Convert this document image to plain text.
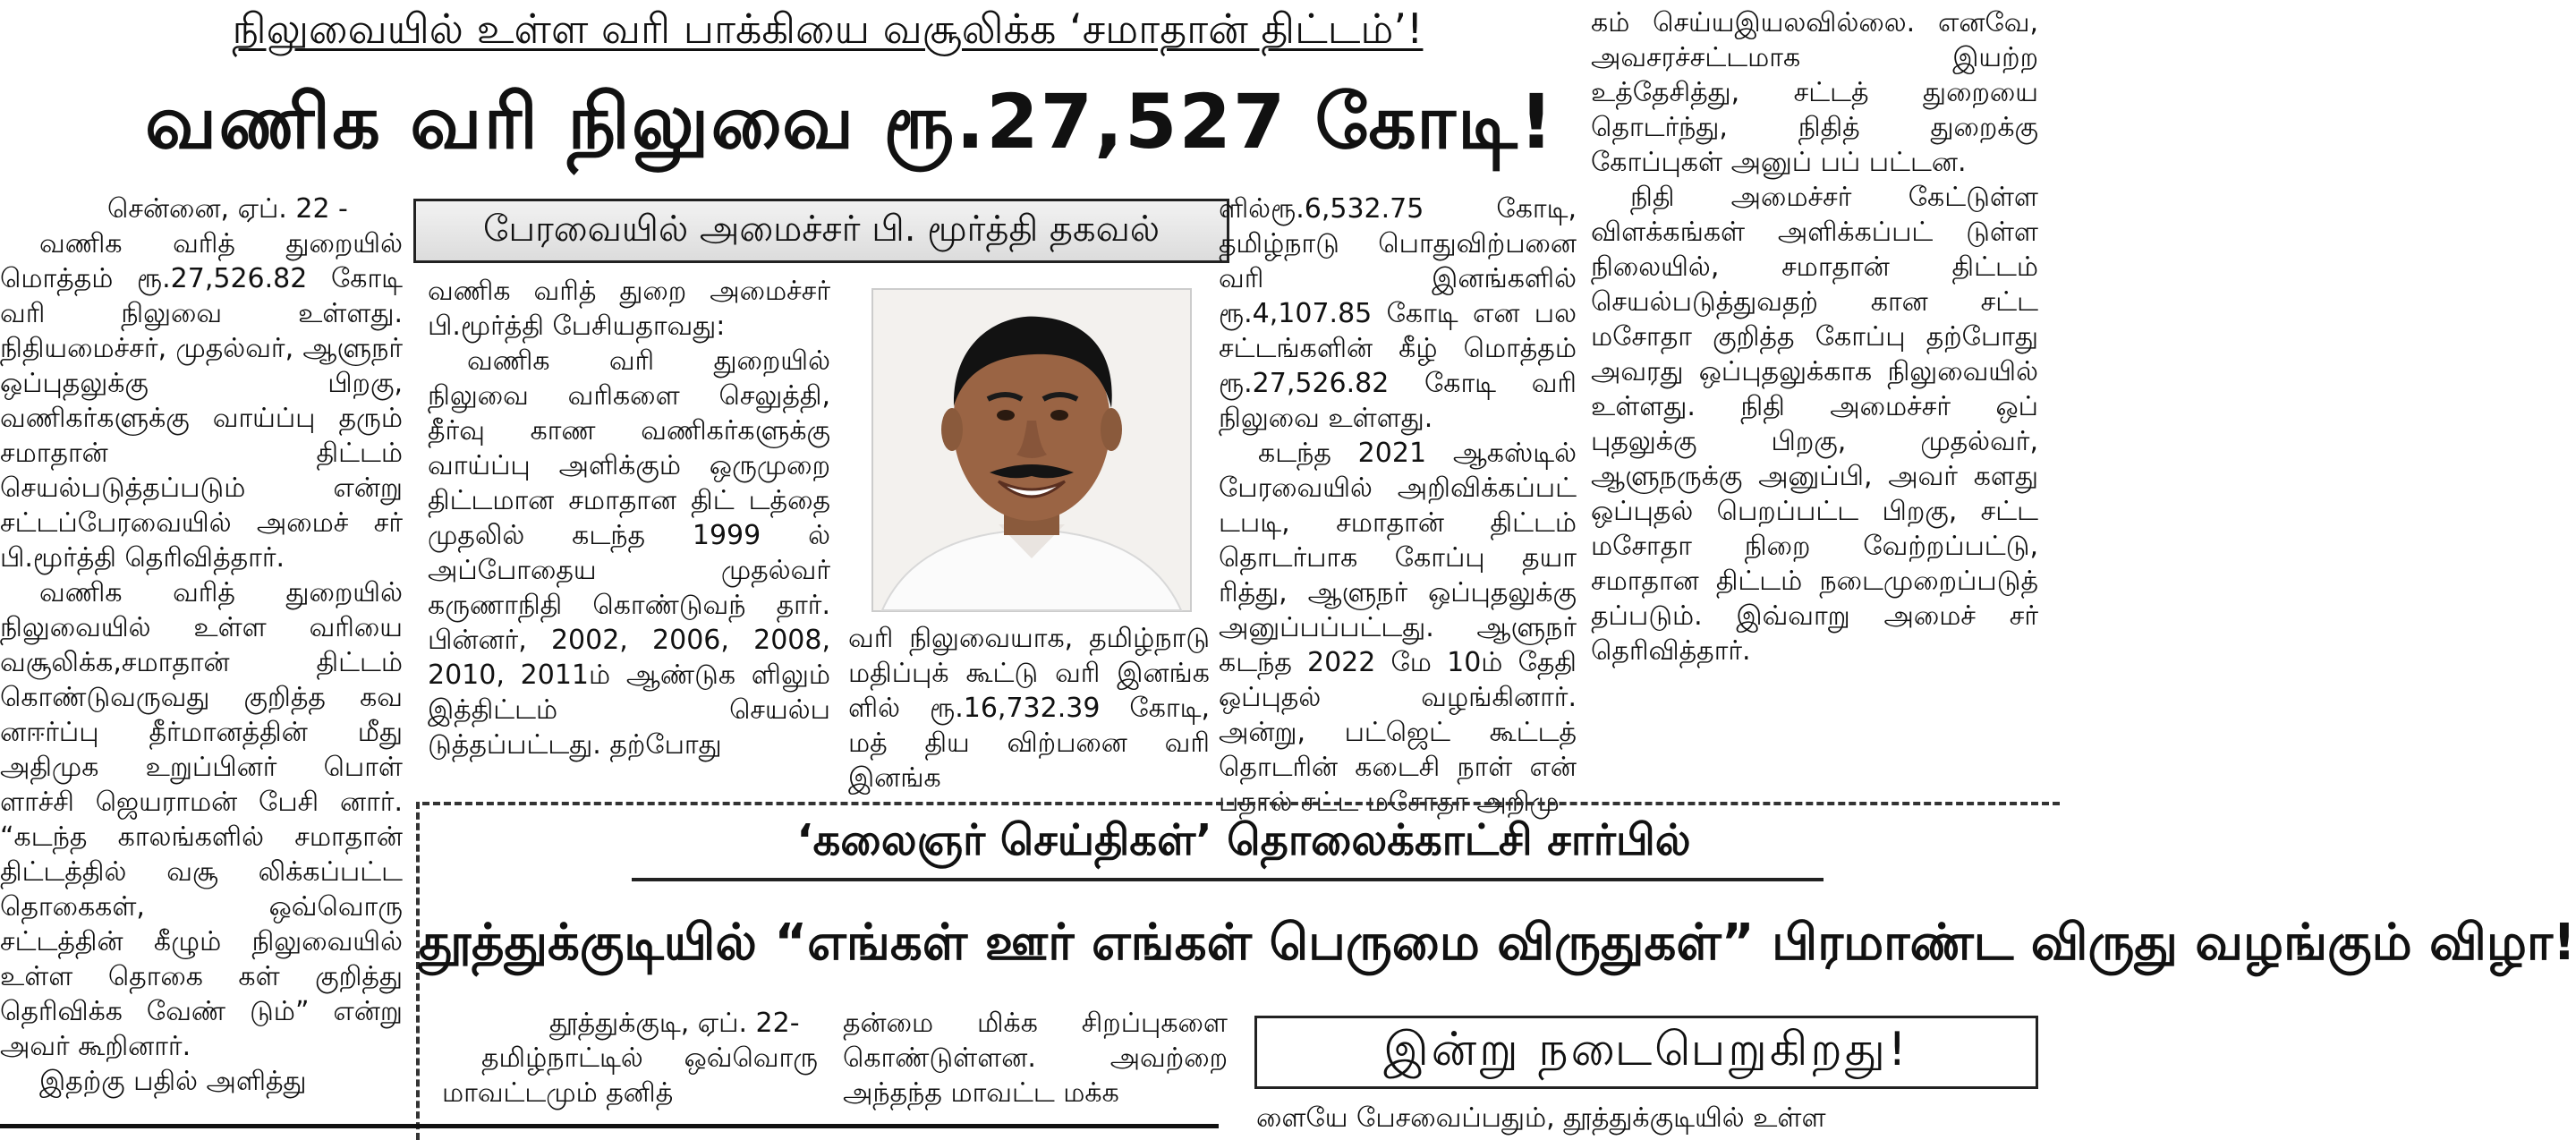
நிலுவையில் உள்ள வரி பாக்கியை வசூலிக்க ‘சமாதான் திட்டம்’!
வணிக வரி நிலுவை ரூ.27,527 கோடி!

சென்னை, ஏப். 22 -

வணிக வரித் துறையில் மொத்தம் ரூ.27,526.82 கோடி வரி நிலுவை உள்ளது. நிதியமைச்சர், முதல்வர், ஆளுநர் ஒப்புதலுக்கு பிறகு, வணிகர்களுக்கு வாய்ப்பு தரும் சமாதான் திட்டம் செயல்படுத்தப்படும் என்று சட்டப்பேரவையில் அமைச் சர் பி.மூர்த்தி தெரிவித்தார்.

வணிக வரித் துறையில் நிலுவையில் உள்ள வரியை வசூலிக்க,சமாதான் திட்டம் கொண்டுவருவது குறித்த கவ னஈர்ப்பு தீர்மானத்தின் மீது அதிமுக உறுப்பினர் பொள் ளாச்சி ஜெயராமன் பேசி னார். “கடந்த காலங்களில் சமாதான் திட்டத்தில் வசூ லிக்கப்பட்ட தொகைகள், ஒவ்வொரு சட்டத்தின் கீழும் நிலுவையில் உள்ள தொகை கள் குறித்து தெரிவிக்க வேண் டும்” என்று அவர் கூறினார்.

இதற்கு பதில் அளித்து

பேரவையில் அமைச்சர் பி. மூர்த்தி தகவல்

வணிக வரித் துறை அமைச்சர் பி.மூர்த்தி பேசியதாவது:

வணிக வரி துறையில் நிலுவை வரிகளை செலுத்தி, தீர்வு காண வணிகர்களுக்கு வாய்ப்பு அளிக்கும் ஒருமுறை திட்டமான சமாதான திட் டத்தை முதலில் கடந்த 1999 ல் அப்போதைய முதல்வர் கருணாநிதி கொண்டுவந் தார். பின்னர், 2002, 2006, 2008, 2010, 2011ம் ஆண்டுக ளிலும் இத்திட்டம் செயல்ப டுத்தப்பட்டது. தற்போது

வரி நிலுவையாக, தமிழ்நாடு மதிப்புக் கூட்டு வரி இனங்க ளில் ரூ.16,732.39 கோடி, மத் திய விற்பனை வரி இனங்க

ளில்ரூ.6,532.75 கோடி, தமிழ்நாடு பொதுவிற்பனை வரி இனங்களில் ரூ.4,107.85 கோடி என பல சட்டங்களின் கீழ் மொத்தம் ரூ.27,526.82 கோடி வரி நிலுவை உள்ளது.

கடந்த 2021 ஆகஸ்டில் பேரவையில் அறிவிக்கப்பட் டபடி, சமாதான் திட்டம் தொடர்பாக கோப்பு தயா ரித்து, ஆளுநர் ஒப்புதலுக்கு அனுப்பப்பட்டது. ஆளுநர் கடந்த 2022 மே 10ம் தேதி ஒப்புதல் வழங்கினார். அன்று, பட்ஜெட் கூட்டத் தொடரின் கடைசி நாள் என் பதால் சட்ட மசோதா அறிமு

கம் செய்யஇயலவில்லை. எனவே, அவசரச்சட்டமாக இயற்ற உத்தேசித்து, சட்டத் துறையை தொடர்ந்து, நிதித் துறைக்கு கோப்புகள் அனுப் பப் பட்டன.

நிதி அமைச்சர் கேட்டுள்ள விளக்கங்கள் அளிக்கப்பட் டுள்ள நிலையில், சமாதான் திட்டம் செயல்படுத்துவதற் கான சட்ட மசோதா குறித்த கோப்பு தற்போது அவரது ஒப்புதலுக்காக நிலுவையில் உள்ளது. நிதி அமைச்சர் ஒப் புதலுக்கு பிறகு, முதல்வர், ஆளுநருக்கு அனுப்பி, அவர் களது ஒப்புதல் பெறப்பட்ட பிறகு, சட்ட மசோதா நிறை வேற்றப்பட்டு, சமாதான திட்டம் நடைமுறைப்படுத் தப்படும். இவ்வாறு அமைச் சர் தெரிவித்தார்.

‘கலைஞர் செய்திகள்’ தொலைக்காட்சி சார்பில்
தூத்துக்குடியில் “எங்கள் ஊர் எங்கள் பெருமை விருதுகள்” பிரமாண்ட விருது வழங்கும் விழா!

தூத்துக்குடி, ஏப். 22-

தமிழ்நாட்டில் ஒவ்வொரு மாவட்டமும் தனித்

தன்மை மிக்க சிறப்புகளை கொண்டுள்ளன. அவற்றை அந்தந்த மாவட்ட மக்க

இன்று நடைபெறுகிறது!

ளையே பேசவைப்பதும், தூத்துக்குடியில் உள்ள
